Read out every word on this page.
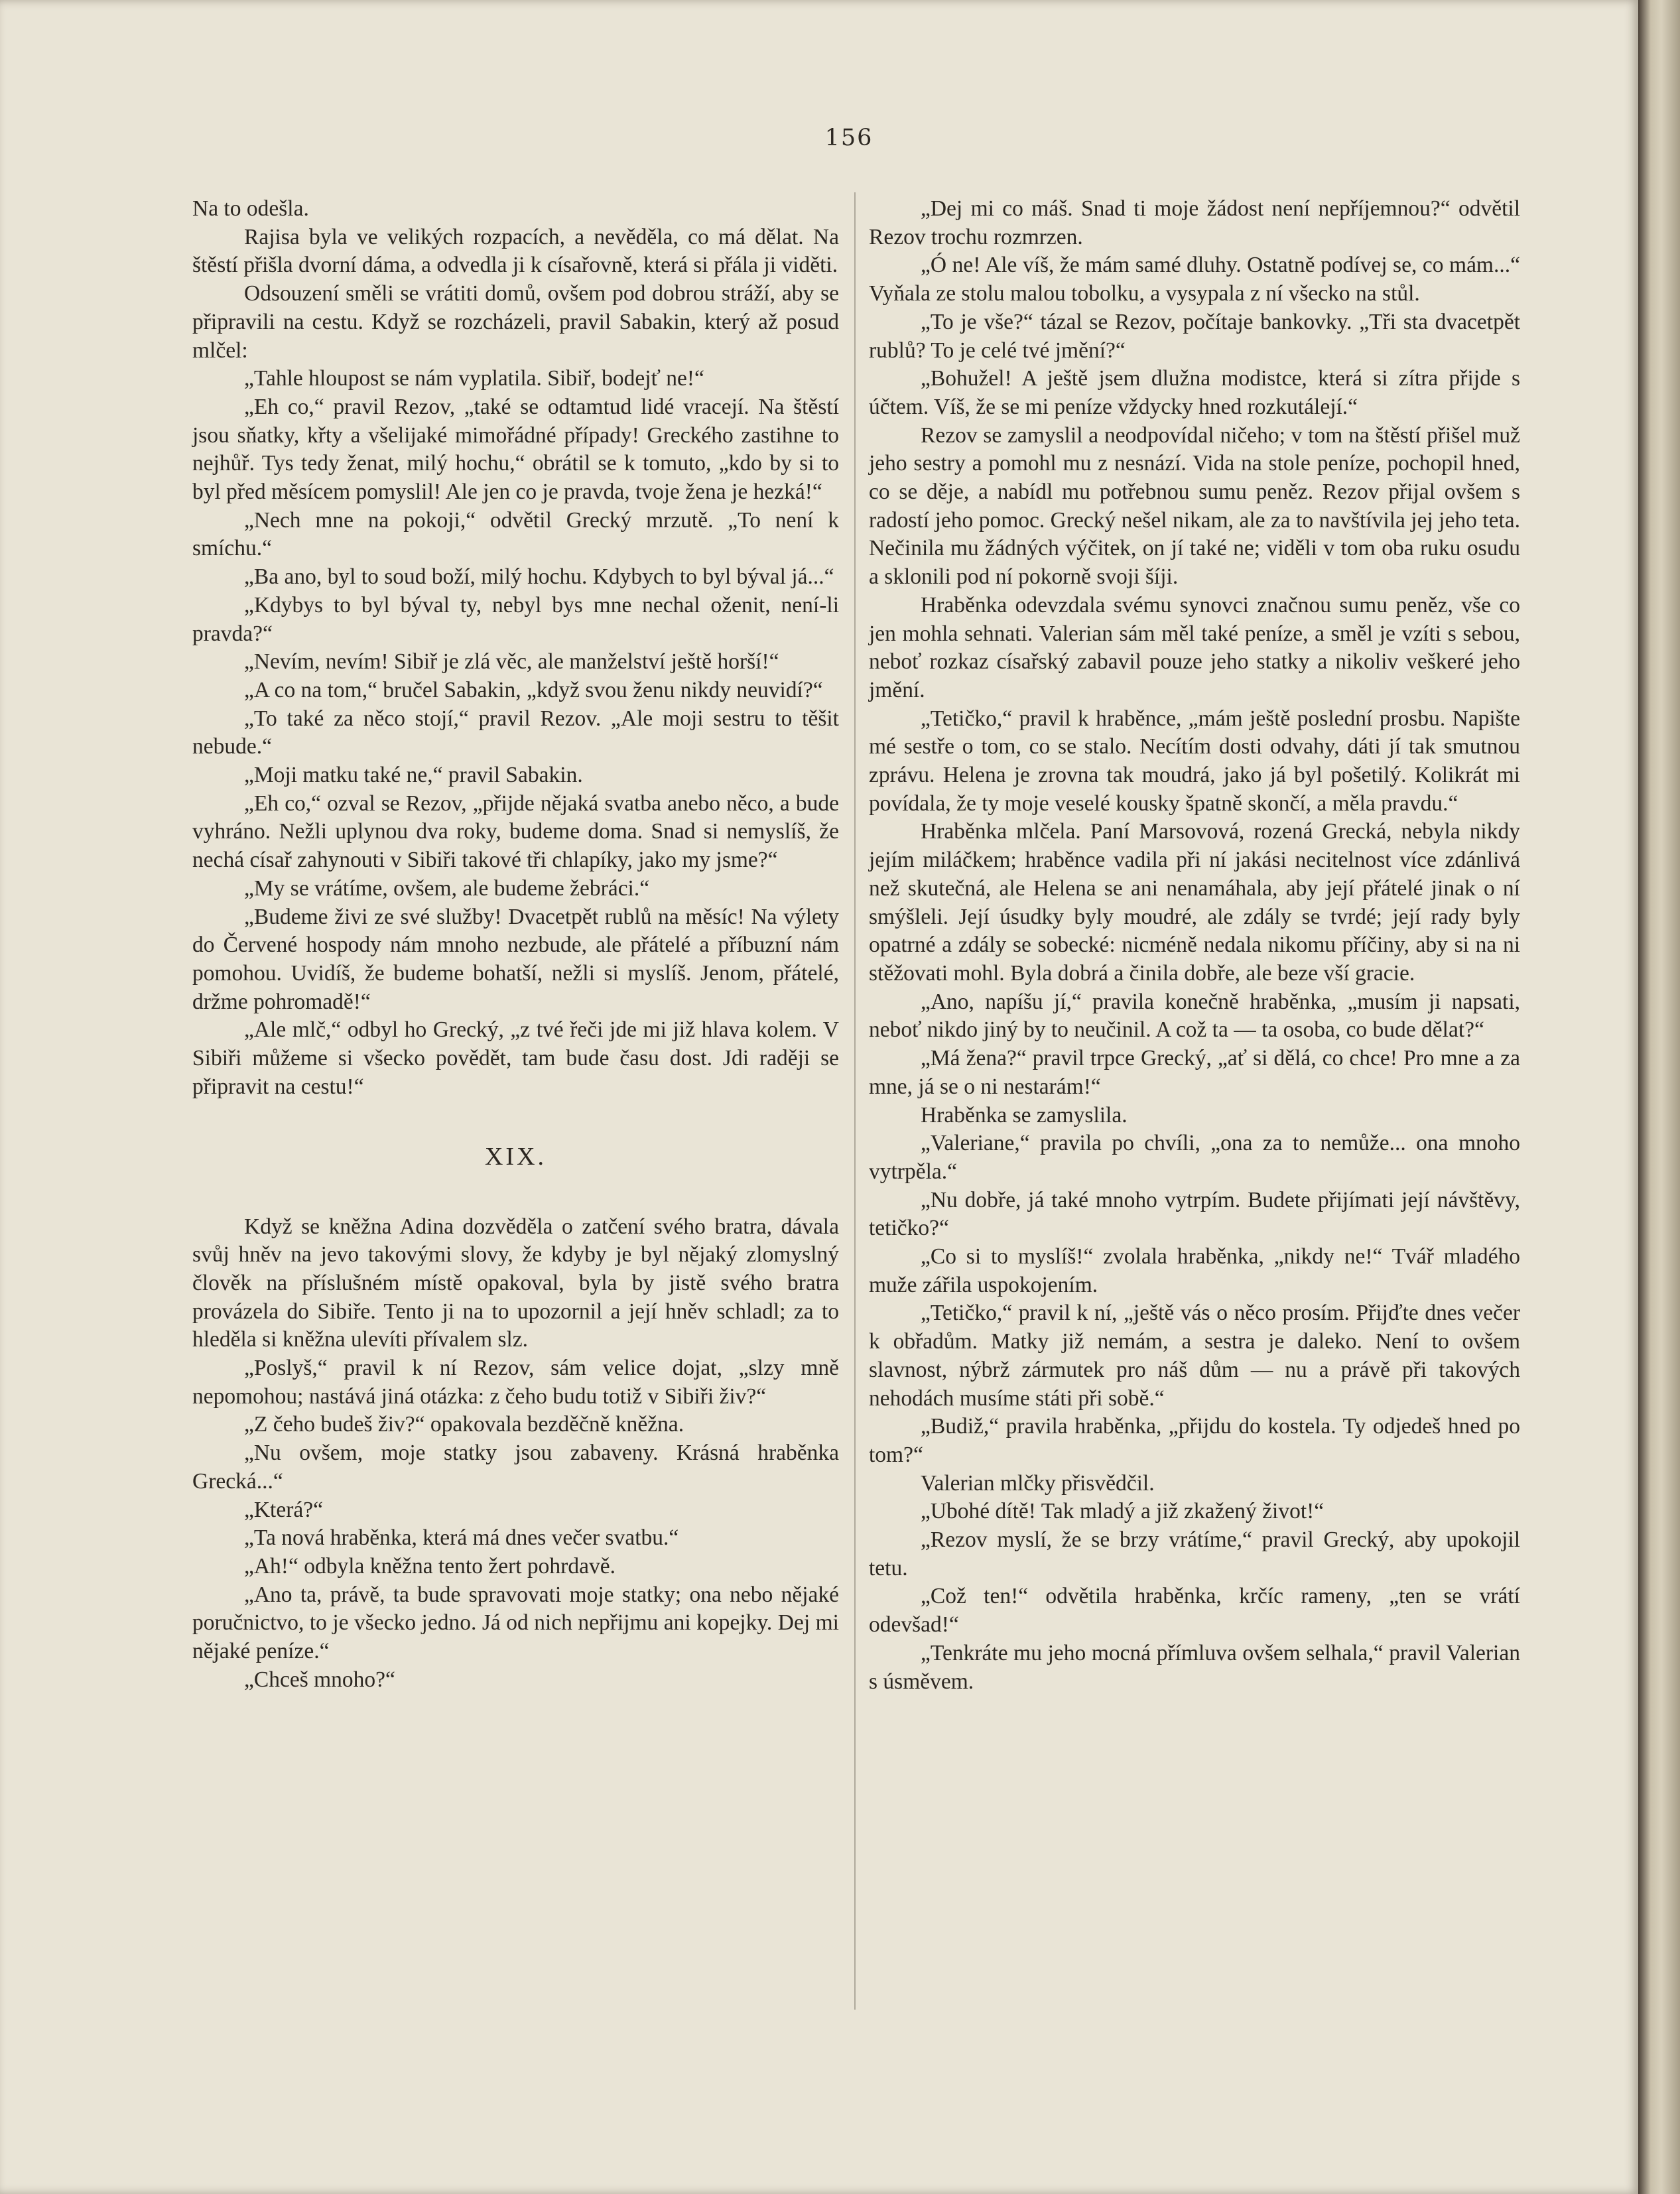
156

Na to odešla.

Rajisa byla ve velikých rozpacích, a nevěděla, co má dělat. Na štěstí přišla dvorní dáma, a odvedla ji k císařovně, která si přála ji viděti.

Odsouzení směli se vrátiti domů, ovšem pod dobrou stráží, aby se připravili na cestu. Když se rozcházeli, pravil Sabakin, který až posud mlčel:

„Tahle hloupost se nám vyplatila. Sibiř, bodejť ne!“

„Eh co,“ pravil Rezov, „také se odtamtud lidé vracejí. Na štěstí jsou sňatky, křty a všelijaké mimořádné případy! Greckého zastihne to nejhůř. Tys tedy ženat, milý hochu,“ obrátil se k tomuto, „kdo by si to byl před měsícem pomyslil! Ale jen co je pravda, tvoje žena je hezká!“

„Nech mne na pokoji,“ odvětil Grecký mrzutě. „To není k smíchu.“

„Ba ano, byl to soud boží, milý hochu. Kdybych to byl býval já...“

„Kdybys to byl býval ty, nebyl bys mne nechal oženit, není-li pravda?“

„Nevím, nevím! Sibiř je zlá věc, ale manželství ještě horší!“

„A co na tom,“ bručel Sabakin, „když svou ženu nikdy neuvidí?“

„To také za něco stojí,“ pravil Rezov. „Ale moji sestru to těšit nebude.“

„Moji matku také ne,“ pravil Sabakin.

„Eh co,“ ozval se Rezov, „přijde nějaká svatba anebo něco, a bude vyhráno. Nežli uplynou dva roky, budeme doma. Snad si nemyslíš, že nechá císař zahynouti v Sibiři takové tři chlapíky, jako my jsme?“

„My se vrátíme, ovšem, ale budeme žebráci.“

„Budeme živi ze své služby! Dvacetpět rublů na měsíc! Na výlety do Červené hospody nám mnoho nezbude, ale přátelé a příbuzní nám pomohou. Uvidíš, že budeme bohatší, nežli si myslíš. Jenom, přátelé, držme pohromadě!“

„Ale mlč,“ odbyl ho Grecký, „z tvé řeči jde mi již hlava kolem. V Sibiři můžeme si všecko povědět, tam bude času dost. Jdi raději se připravit na cestu!“

XIX.

Když se kněžna Adina dozvěděla o zatčení svého bratra, dávala svůj hněv na jevo takovými slovy, že kdyby je byl nějaký zlomyslný člověk na příslušném místě opakoval, byla by jistě svého bratra provázela do Sibiře. Tento ji na to upozornil a její hněv schladl; za to hleděla si kněžna ulevíti přívalem slz.

„Poslyš,“ pravil k ní Rezov, sám velice dojat, „slzy mně nepomohou; nastává jiná otázka: z čeho budu totiž v Sibiři živ?“

„Z čeho budeš živ?“ opakovala bezděčně kněžna.

„Nu ovšem, moje statky jsou zabaveny. Krásná hraběnka Grecká...“

„Která?“

„Ta nová hraběnka, která má dnes večer svatbu.“

„Ah!“ odbyla kněžna tento žert pohrdavě.

„Ano ta, právě, ta bude spravovati moje statky; ona nebo nějaké poručnictvo, to je všecko jedno. Já od nich nepřijmu ani kopejky. Dej mi nějaké peníze.“

„Chceš mnoho?“

„Dej mi co máš. Snad ti moje žádost není nepříjemnou?“ odvětil Rezov trochu rozmrzen.

„Ó ne! Ale víš, že mám samé dluhy. Ostatně podívej se, co mám...“ Vyňala ze stolu malou tobolku, a vysypala z ní všecko na stůl.

„To je vše?“ tázal se Rezov, počítaje bankovky. „Tři sta dvacetpět rublů? To je celé tvé jmění?“

„Bohužel! A ještě jsem dlužna modistce, která si zítra přijde s účtem. Víš, že se mi peníze vždycky hned rozkutálejí.“

Rezov se zamyslil a neodpovídal ničeho; v tom na štěstí přišel muž jeho sestry a pomohl mu z nesnází. Vida na stole peníze, pochopil hned, co se děje, a nabídl mu potřebnou sumu peněz. Rezov přijal ovšem s radostí jeho pomoc. Grecký nešel nikam, ale za to navštívila jej jeho teta. Nečinila mu žádných výčitek, on jí také ne; viděli v tom oba ruku osudu a sklonili pod ní pokorně svoji šíji.

Hraběnka odevzdala svému synovci značnou sumu peněz, vše co jen mohla sehnati. Valerian sám měl také peníze, a směl je vzíti s sebou, neboť rozkaz císařský zabavil pouze jeho statky a nikoliv veškeré jeho jmění.

„Tetičko,“ pravil k hraběnce, „mám ještě poslední prosbu. Napište mé sestře o tom, co se stalo. Necítím dosti odvahy, dáti jí tak smutnou zprávu. Helena je zrovna tak moudrá, jako já byl pošetilý. Kolikrát mi povídala, že ty moje veselé kousky špatně skončí, a měla pravdu.“

Hraběnka mlčela. Paní Marsovová, rozená Grecká, nebyla nikdy jejím miláčkem; hraběnce vadila při ní jakási necitelnost více zdánlivá než skutečná, ale Helena se ani nenamáhala, aby její přátelé jinak o ní smýšleli. Její úsudky byly moudré, ale zdály se tvrdé; její rady byly opatrné a zdály se sobecké: nicméně nedala nikomu příčiny, aby si na ni stěžovati mohl. Byla dobrá a činila dobře, ale beze vší gracie.

„Ano, napíšu jí,“ pravila konečně hraběnka, „musím ji napsati, neboť nikdo jiný by to neučinil. A což ta — ta osoba, co bude dělat?“

„Má žena?“ pravil trpce Grecký, „ať si dělá, co chce! Pro mne a za mne, já se o ni nestarám!“

Hraběnka se zamyslila.

„Valeriane,“ pravila po chvíli, „ona za to nemůže... ona mnoho vytrpěla.“

„Nu dobře, já také mnoho vytrpím. Budete přijímati její návštěvy, tetičko?“

„Co si to myslíš!“ zvolala hraběnka, „nikdy ne!“ Tvář mladého muže zářila uspokojením.

„Tetičko,“ pravil k ní, „ještě vás o něco prosím. Přijďte dnes večer k obřadům. Matky již nemám, a sestra je daleko. Není to ovšem slavnost, nýbrž zármutek pro náš dům — nu a právě při takových nehodách musíme státi při sobě.“

„Budiž,“ pravila hraběnka, „přijdu do kostela. Ty odjedeš hned po tom?“

Valerian mlčky přisvědčil.

„Ubohé dítě! Tak mladý a již zkažený život!“

„Rezov myslí, že se brzy vrátíme,“ pravil Grecký, aby upokojil tetu.

„Což ten!“ odvětila hraběnka, krčíc rameny, „ten se vrátí odevšad!“

„Tenkráte mu jeho mocná přímluva ovšem selhala,“ pravil Valerian s úsměvem.
